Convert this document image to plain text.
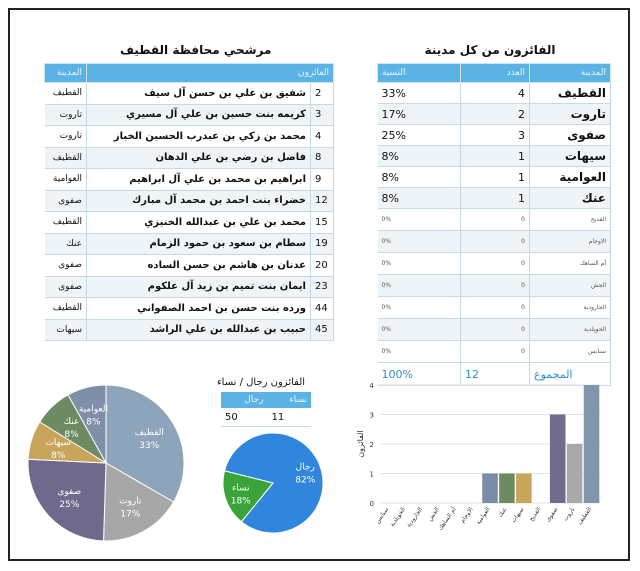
مرشحي محافظة القطيف
الفائزون		المدينة
2	شفيق بن علي بن حسن آل سيف	القطيف
3	كريمه بنت حسين بن علي آل مسيري	تاروت
4	محمد بن زكي بن عبدرب الحسين الخباز	تاروت
8	فاضل بن رضي بن علي الدهان	القطيف
9	ابراهيم بن محمد بن علي آل ابراهيم	العوامية
12	خضراء بنت احمد بن محمد آل مبارك	صفوى
15	محمد بن علي بن عبدالله الخنيزي	القطيف
19	سطام بن سعود بن حمود الزمام	عنك
20	عدنان بن هاشم بن حسن الساده	صفوى
23	ايمان بنت تميم بن زيد آل علكوم	صفوى
44	ورده بنت حسن بن احمد الصفواني	القطيف
45	حبيب بن عبدالله بن علي الراشد	سيهات
الفائزون من كل مدينة
المدينة	العدد	النسبة
القطيف	4	33%
تاروت	2	17%
صفوى	3	25%
سيهات	1	8%
العوامية	1	8%
عنك	1	8%
القديح	0	0%
الاوجام	0	0%
أم الساهك	0	0%
الجش	0	0%
الجارودية	0	0%
الخويلدية	0	0%
سنابس	0	0%
المجموع	12	100%
الفائزون رجال / نساء
نساء	رجال
11	50
القطيف
33%
تاروت
17%
صفوى
25%
سيهات
8%
عنك
8%
العوامية
8%
رجال
82%
نساء
18%	0
1
2
3
4
الفائزون
القطيف
تاروت
صفوى
القديح
سيهات
عنك
العوامية
الاوجام
أم الساهك
الجش
الجارودية
الخويلدية
سنابس
